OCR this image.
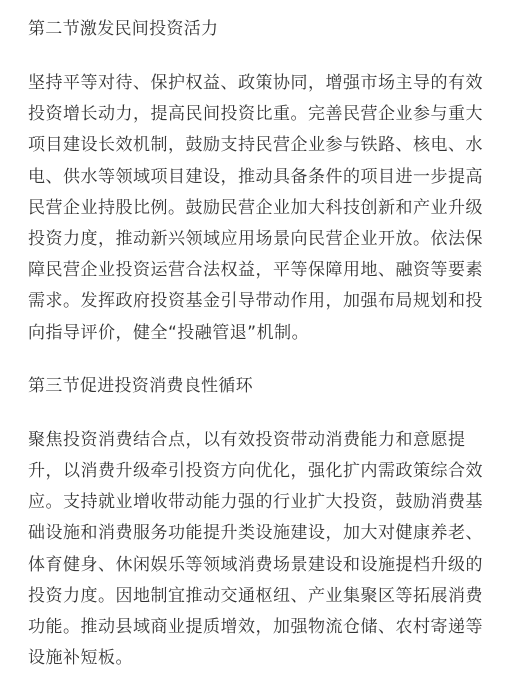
第二节激发民间投资活力

坚持平等对待、保护权益、政策协同，增强市场主导的有效
投资增长动力，提高民间投资比重。完善民营企业参与重大
项目建设长效机制，鼓励支持民营企业参与铁路、核电、水
电、供水等领域项目建设，推动具备条件的项目进一步提高
民营企业持股比例。鼓励民营企业加大科技创新和产业升级
投资力度，推动新兴领域应用场景向民营企业开放。依法保
障民营企业投资运营合法权益，平等保障用地、融资等要素
需求。发挥政府投资基金引导带动作用，加强布局规划和投
向指导评价，健全“投融管退”机制。

第三节促进投资消费良性循环

聚焦投资消费结合点，以有效投资带动消费能力和意愿提
升，以消费升级牵引投资方向优化，强化扩内需政策综合效
应。支持就业增收带动能力强的行业扩大投资，鼓励消费基
础设施和消费服务功能提升类设施建设，加大对健康养老、
体育健身、休闲娱乐等领域消费场景建设和设施提档升级的
投资力度。因地制宜推动交通枢纽、产业集聚区等拓展消费
功能。推动县域商业提质增效，加强物流仓储、农村寄递等
设施补短板。
